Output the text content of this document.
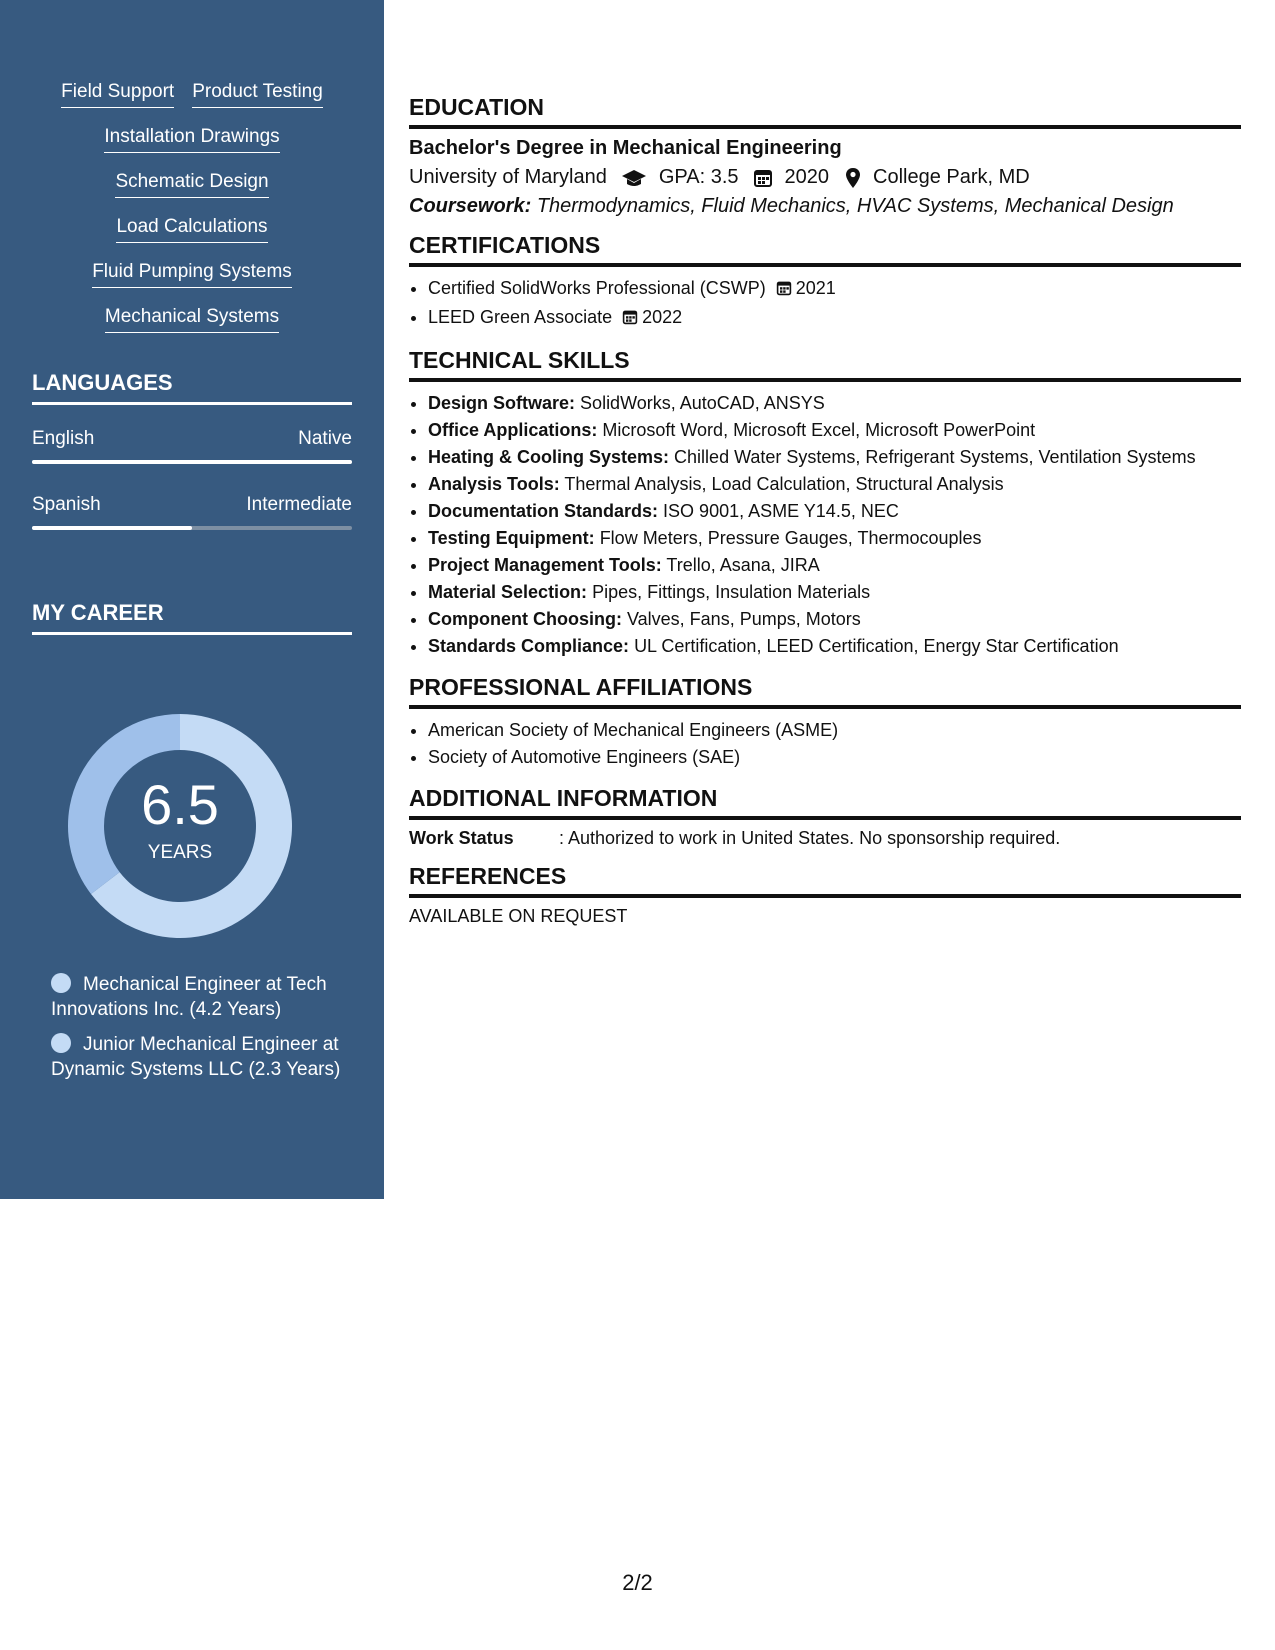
Field Support Product Testing
Installation Drawings
Schematic Design
Load Calculations
Fluid Pumping Systems
Mechanical Systems
LANGUAGES
English	Native
Spanish	Intermediate
MY CAREER
6.5
YEARS
Mechanical Engineer at Tech Innovations Inc. (4.2 Years)
Junior Mechanical Engineer at Dynamic Systems LLC (2.3 Years)
EDUCATION
Bachelor's Degree in Mechanical Engineering
University of Maryland	GPA: 3.5 2020 College Park, MD
Coursework: Thermodynamics, Fluid Mechanics, HVAC Systems, Mechanical Design
CERTIFICATIONS
• Certified SolidWorks Professional (CSWP) 2021
• LEED Green Associate 2022
TECHNICAL SKILLS
• Design Software: SolidWorks, AutoCAD, ANSYS
• Office Applications: Microsoft Word, Microsoft Excel, Microsoft PowerPoint
• Heating & Cooling Systems: Chilled Water Systems, Refrigerant Systems, Ventilation Systems
• Analysis Tools: Thermal Analysis, Load Calculation, Structural Analysis
• Documentation Standards: ISO 9001, ASME Y14.5, NEC
• Testing Equipment: Flow Meters, Pressure Gauges, Thermocouples
• Project Management Tools: Trello, Asana, JIRA
• Material Selection: Pipes, Fittings, Insulation Materials
• Component Choosing: Valves, Fans, Pumps, Motors
• Standards Compliance: UL Certification, LEED Certification, Energy Star Certification
PROFESSIONAL AFFILIATIONS
• American Society of Mechanical Engineers (ASME)
• Society of Automotive Engineers (SAE)
ADDITIONAL INFORMATION
Work Status	: Authorized to work in United States. No sponsorship required.
REFERENCES
AVAILABLE ON REQUEST
2/2
